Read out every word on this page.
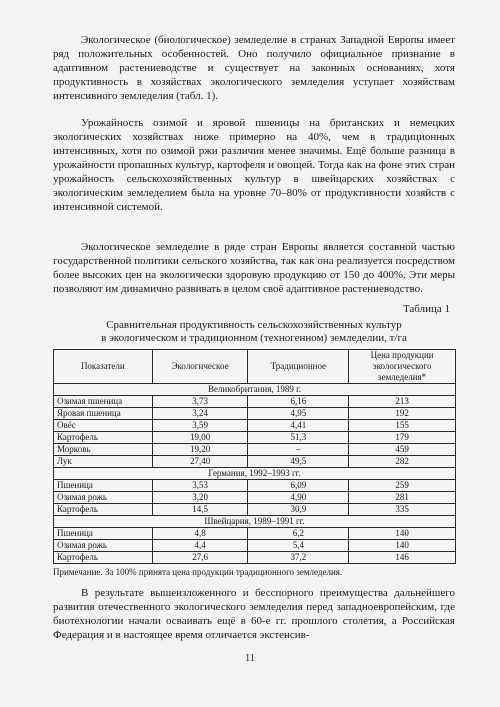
Экологическое (биологическое) земледелие в странах Западной Европы имеет ряд положительных особенностей. Оно получило официальное признание в адаптивном растениеводстве и существует на законных основаниях, хотя продуктивность в хозяйствах экологического земледелия уступает хозяйствам интенсивного земледелия (табл. 1).

Урожайность озимой и яровой пшеницы на британских и немецких экологических хозяйствах ниже примерно на 40%, чем в традиционных интенсивных, хотя по озимой ржи различия менее значимы. Ещё больше разница в урожайности пропашных культур, картофеля и овощей. Тогда как на фоне этих стран урожайность сельскохозяйственных культур в швейцарских хозяйствах с экологическим земледелием была на уровне 70–80% от продуктивности хозяйств с интенсивной системой.

Экологическое земледелие в ряде стран Европы является составной частью государственной политики сельского хозяйства, так как она реализуется посредством более высоких цен на экологически здоровую продукцию от 150 до 400%. Эти меры позволяют им динамично развивать в целом своё адаптивное растениеводство.

Таблица 1
Сравнительная продуктивность сельскохозяйственных культур
в экологическом и традиционном (техногенном) земледелии, т/га
Показатели	Экологическое	Традиционное	Цена продукции экологического земледелия*
Великобритания, 1989 г.			
Озимая пшеница	3,73	6,16	213
Яровая пшеница	3,24	4,95	192
Овёс	3,59	4,41	155
Картофель	19,00	51,3	179
Морковь	19,20	–	459
Лук	27,40	49,5	282
Германия, 1992–1993 гг.			
Пшеница	3,53	6,09	259
Озимая рожь	3,20	4,90	281
Картофель	14,5	30,9	335
Швейцария, 1989–1991 гг.			
Пшеница	4,8	6,2	140
Озимая рожь	4,4	5,4	140
Картофель	27,6	37,2	146
Примечание. За 100% принята цена продукции традиционного земледелия.

В результате вышеизложенного и бесспорного преимущества дальнейшего развития отечественного экологического земледелия перед западноевропейским, где биотехнологии начали осваивать ещё в 60-е гг. прошлого столетия, а Российская Федерация и в настоящее время отличается экстенсив-

11
